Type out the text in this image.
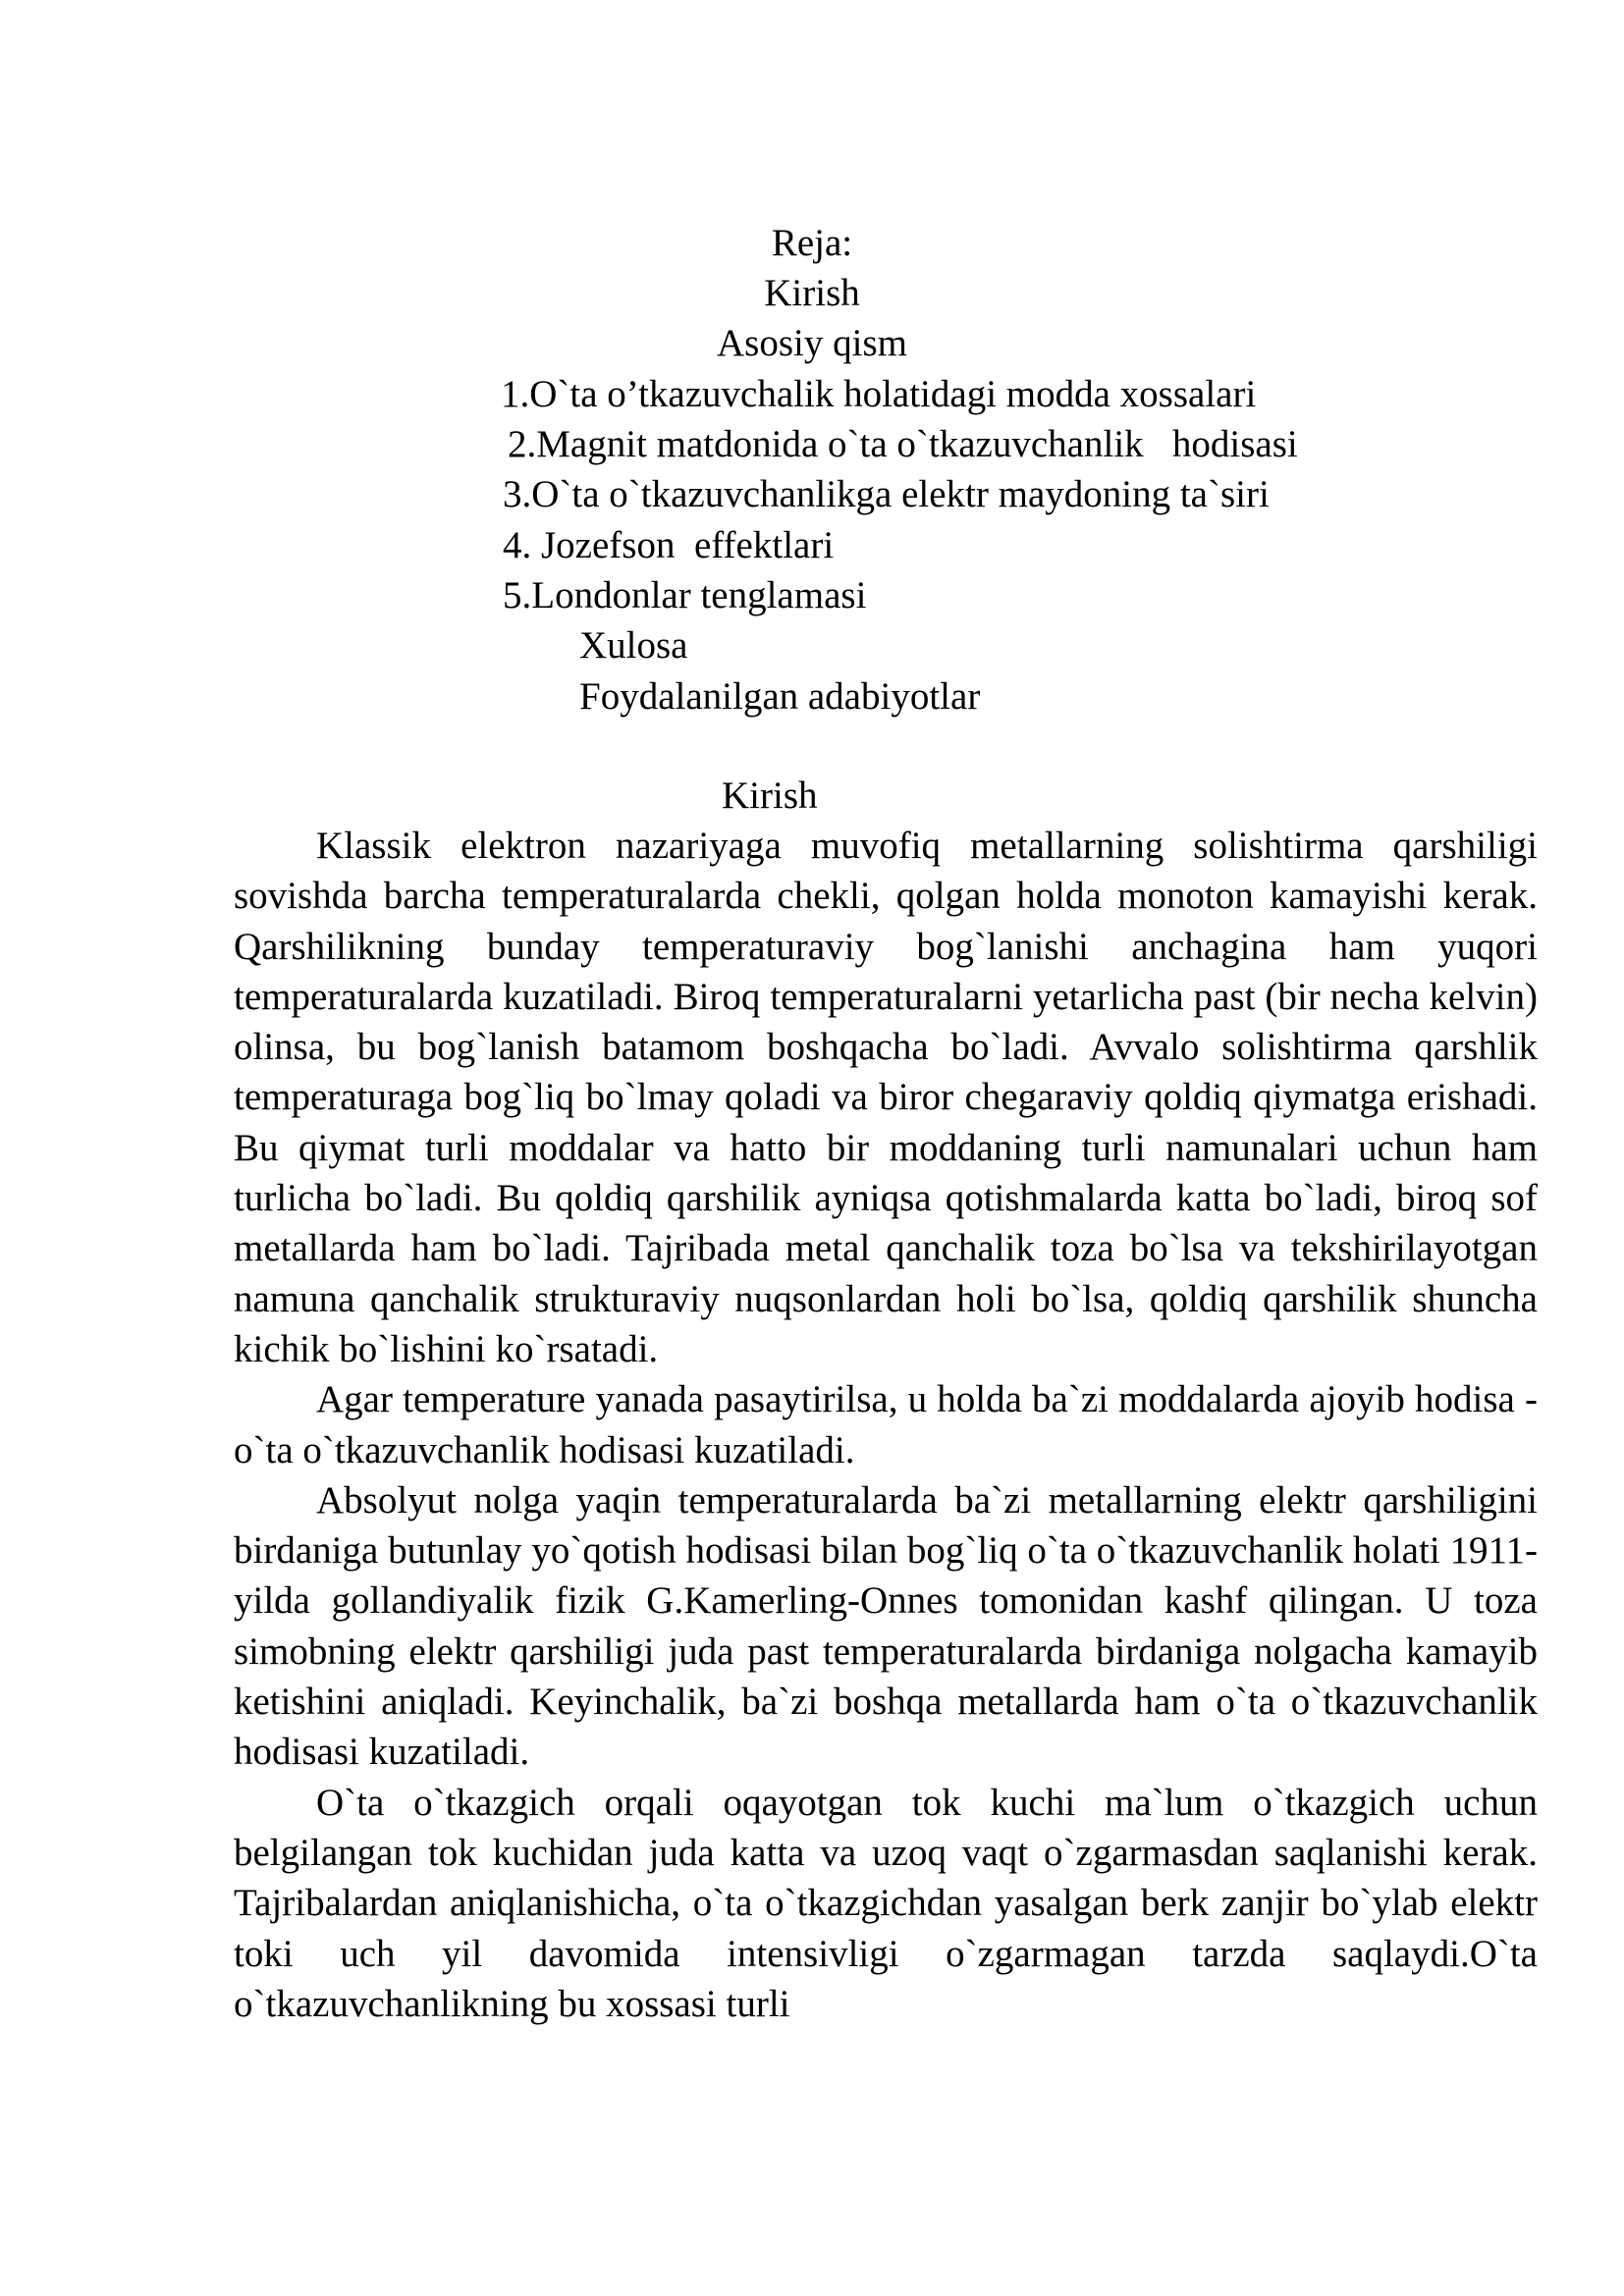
Reja:
Kirish
Asosiy qism
1.O`ta o’tkazuvchalik holatidagi modda xossalari
2.Magnit matdonida o`ta o`tkazuvchanlik   hodisasi
3.O`ta o`tkazuvchanlikga elektr maydoning ta`siri
4. Jozefson  effektlari
5.Londonlar tenglamasi
Xulosa
Foydalanilgan adabiyotlar
Kirish

Klassik elektron nazariyaga muvofiq metallarning solishtirma qarshiligi sovishda barcha temperaturalarda chekli, qolgan holda monoton kamayishi kerak. Qarshilikning bunday temperaturaviy bog`lanishi anchagina ham yuqori temperaturalarda kuzatiladi. Biroq temperaturalarni yetarlicha past (bir necha kelvin) olinsa, bu bog`lanish batamom boshqacha bo`ladi. Avvalo solishtirma qarshlik temperaturaga bog`liq bo`lmay qoladi va biror chegaraviy qoldiq qiymatga erishadi. Bu qiymat turli moddalar va hatto bir moddaning turli namunalari uchun ham turlicha bo`ladi. Bu qoldiq qarshilik ayniqsa qotishmalarda katta bo`ladi, biroq sof metallarda ham bo`ladi. Tajribada metal qanchalik toza bo`lsa va tekshirilayotgan namuna qanchalik strukturaviy nuqsonlardan holi bo`lsa, qoldiq qarshilik shuncha kichik bo`lishini ko`rsatadi.

Agar temperature yanada pasaytirilsa, u holda ba`zi moddalarda ajoyib hodisa - o`ta o`tkazuvchanlik hodisasi kuzatiladi.

Absolyut nolga yaqin temperaturalarda ba`zi metallarning elektr qarshiligini birdaniga butunlay yo`qotish hodisasi bilan bog`liq o`ta o`tkazuvchanlik holati 1911-yilda gollandiyalik fizik G.Kamerling-Onnes tomonidan kashf qilingan. U toza simobning elektr qarshiligi juda past temperaturalarda birdaniga nolgacha kamayib ketishini aniqladi. Keyinchalik, ba`zi boshqa metallarda ham o`ta o`tkazuvchanlik hodisasi kuzatiladi.

O`ta o`tkazgich orqali oqayotgan tok kuchi ma`lum o`tkazgich uchun belgilangan tok kuchidan juda katta va uzoq vaqt o`zgarmasdan saqlanishi kerak. Tajribalardan aniqlanishicha, o`ta o`tkazgichdan yasalgan berk zanjir bo`ylab elektr toki uch yil davomida intensivligi o`zgarmagan tarzda saqlaydi.O`ta o`tkazuvchanlikning bu xossasi turli
